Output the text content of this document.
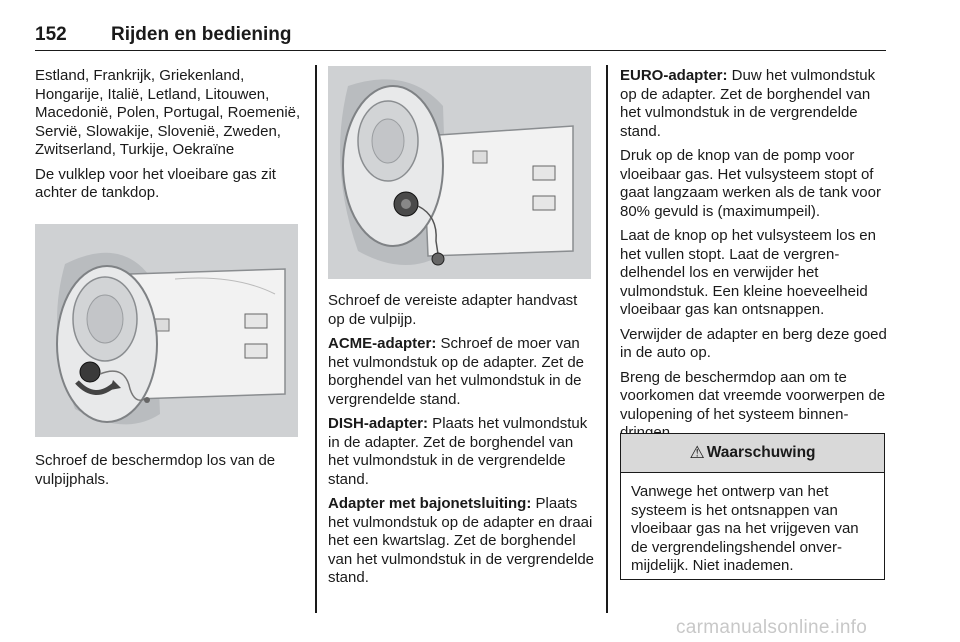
152 Rijden en bediening

Estland, Frankrijk, Griekenland, Hongarije, Italië, Letland, Litouwen, Macedonië, Polen, Portugal, Roemenië, Servië, Slowakije, Slovenië, Zweden, Zwitserland, Turkije, Oekraïne

De vulklep voor het vloeibare gas zit achter de tankdop.

Schroef de beschermdop los van de vulpijphals.

Schroef de vereiste adapter handvast op de vulpijp.

ACME-adapter: Schroef de moer van het vulmondstuk op de adapter. Zet de borghendel van het vulmondstuk in de vergrendelde stand.

DISH-adapter: Plaats het vulmondstuk in de adapter. Zet de borghendel van het vulmondstuk in de vergrendelde stand.

Adapter met bajonetsluiting: Plaats het vulmondstuk op de adapter en draai het een kwartslag. Zet de borghendel van het vulmondstuk in de vergrendelde stand.

EURO-adapter: Duw het vulmondstuk op de adapter. Zet de borghendel van het vulmondstuk in de vergrendelde stand.

Druk op de knop van de pomp voor vloeibaar gas. Het vulsysteem stopt of gaat langzaam werken als de tank voor 80% gevuld is (maximumpeil).

Laat de knop op het vulsysteem los en het vullen stopt. Laat de vergrendelhendel los en verwijder het vulmondstuk. Een kleine hoeveelheid vloeibaar gas kan ontsnappen.

Verwijder de adapter en berg deze goed in de auto op.

Breng de beschermdop aan om te voorkomen dat vreemde voorwerpen de vulopening of het systeem binnen

⚠ Waarschuwing
Vanwege het ontwerp van het systeem is het ontsnappen van vloeibaar gas na het vrijgeven van de vergrendelingshendel onvermijdelijk. Niet inademen.
carmanualsonline.info
